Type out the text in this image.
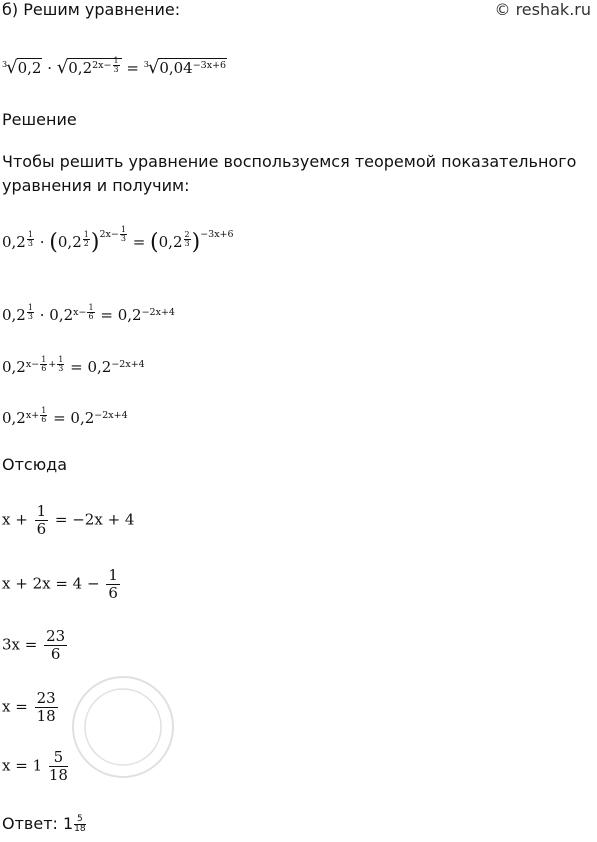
б) Решим уравнение:	© reshak.ru
$^3√0,2 \cdot √0,2^{2x- \frac{1}{3}} = ^3√0,04^{-3x+6}$
Решение
Чтобы решить уравнение воспользуемся теоремой показательного уравнения и получим:
0,2 $^{\frac{1}{3}}$ · (0,2 $^{\frac{1}{2}}$ )$^{2x- \frac{1}{3}}$ = (0,2 $^{\frac{2}{3}}$ )$^{-3x+6}$
0,2 $^{\frac{1}{3}} \cdot 0,2^{x- \frac{1}{6}} = 0,2^{-2x+4}$
$0,2^{x- \frac{1}{6} + \frac{1}{3}} = 0,2^{-2x+4}$
$0,2^{x+ \frac{1}{6}} = 0,2^{-2x+4}$
Отсюда
$x + \frac{1}{6} = -2x + 4$
$x + 2x = 4 - \frac{1}{6}$
$3x = \frac{23}{6}$
$x = \frac{23}{18}$
$x = 1 \frac{5}{18}$
Ответ: $1 \frac{5}{18}$
